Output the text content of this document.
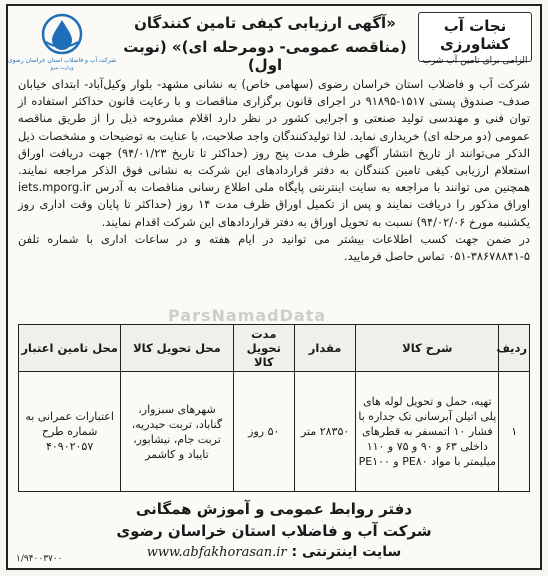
شرکت آب و فاضلاب استان خراسان رضوی
وزارت نیرو
«آگهی ارزیابی کیفی تامین کنندگان
(مناقصه عمومی- دومرحله ای)» (نوبت اول)
نجات آب کشاورزی
الزامی برای تامین آب شرب

شرکت آب و فاضلاب استان خراسان رضوی (سهامی خاص) به نشانی مشهد- بلوار وکیل‌آباد- ابتدای خیابان صدف- صندوق پستی ۱۵۱۷-۹۱۸۹۵ در اجرای قانون برگزاری مناقصات و با رعایت قانون حداکثر استفاده از توان فنی و مهندسی تولید صنعتی و اجرایی کشور در نظر دارد اقلام مشروحه ذیل را از طریق مناقصه عمومی (دو مرحله ای) خریداری نماید. لذا تولیدکنندگان واجد صلاحیت، با عنایت به توضیحات و مشخصات ذیل الذکر می‌توانند از تاریخ انتشار آگهی ظرف مدت پنج روز (حداکثر تا تاریخ ۹۴/۰۱/۲۳) جهت دریافت اوراق استعلام ارزیابی کیفی تامین کنندگان به دفتر قراردادهای این شرکت به نشانی فوق الذکر مراجعه نمایند. همچنین می توانند با مراجعه به سایت اینترنتی پایگاه ملی اطلاع رسانی مناقصات به آدرس iets.mporg.ir اوراق مذکور را دریافت نمایند و پس از تکمیل اوراق ظرف مدت ۱۴ روز (حداکثر تا پایان وقت اداری روز یکشنبه مورخ ۹۴/۰۲/۰۶) نسبت به تحویل اوراق به دفتر قراردادهای این شرکت اقدام نمایند.

در ضمن جهت کسب اطلاعات بیشتر می توانید در ایام هفته و در ساعات اداری با شماره تلفن ۵-۳۸۶۷۸۸۴۱-۰۵۱ تماس حاصل فرمایید.

ParsNamadData
ردیف	شرح کالا	مقدار	مدت تحویل کالا	محل تحویل کالا	محل تامین اعتبار
۱	تهیه، حمل و تحویل لوله های پلی اتیلن آبرسانی تک جداره با فشار ۱۰ اتمسفر به قطرهای داخلی ۶۳ و ۹۰ و ۷۵ و ۱۱۰ میلیمتر با مواد PE۸۰ و PE۱۰۰	۲۸۳۵۰ متر	۵۰ روز	شهرهای سبزوار، گناباد، تربت حیدریه، تربت جام، نیشابور، تایباد و کاشمر	اعتبارات عمرانی به شماره طرح ۴۰۹۰۲۰۵۷
دفتر روابط عمومی و آموزش همگانی
شرکت آب و فاضلاب استان خراسان رضوی
سایت اینترنتی : www.abfakhorasan.ir
۱/۹۴۰۰۳۷۰۰
